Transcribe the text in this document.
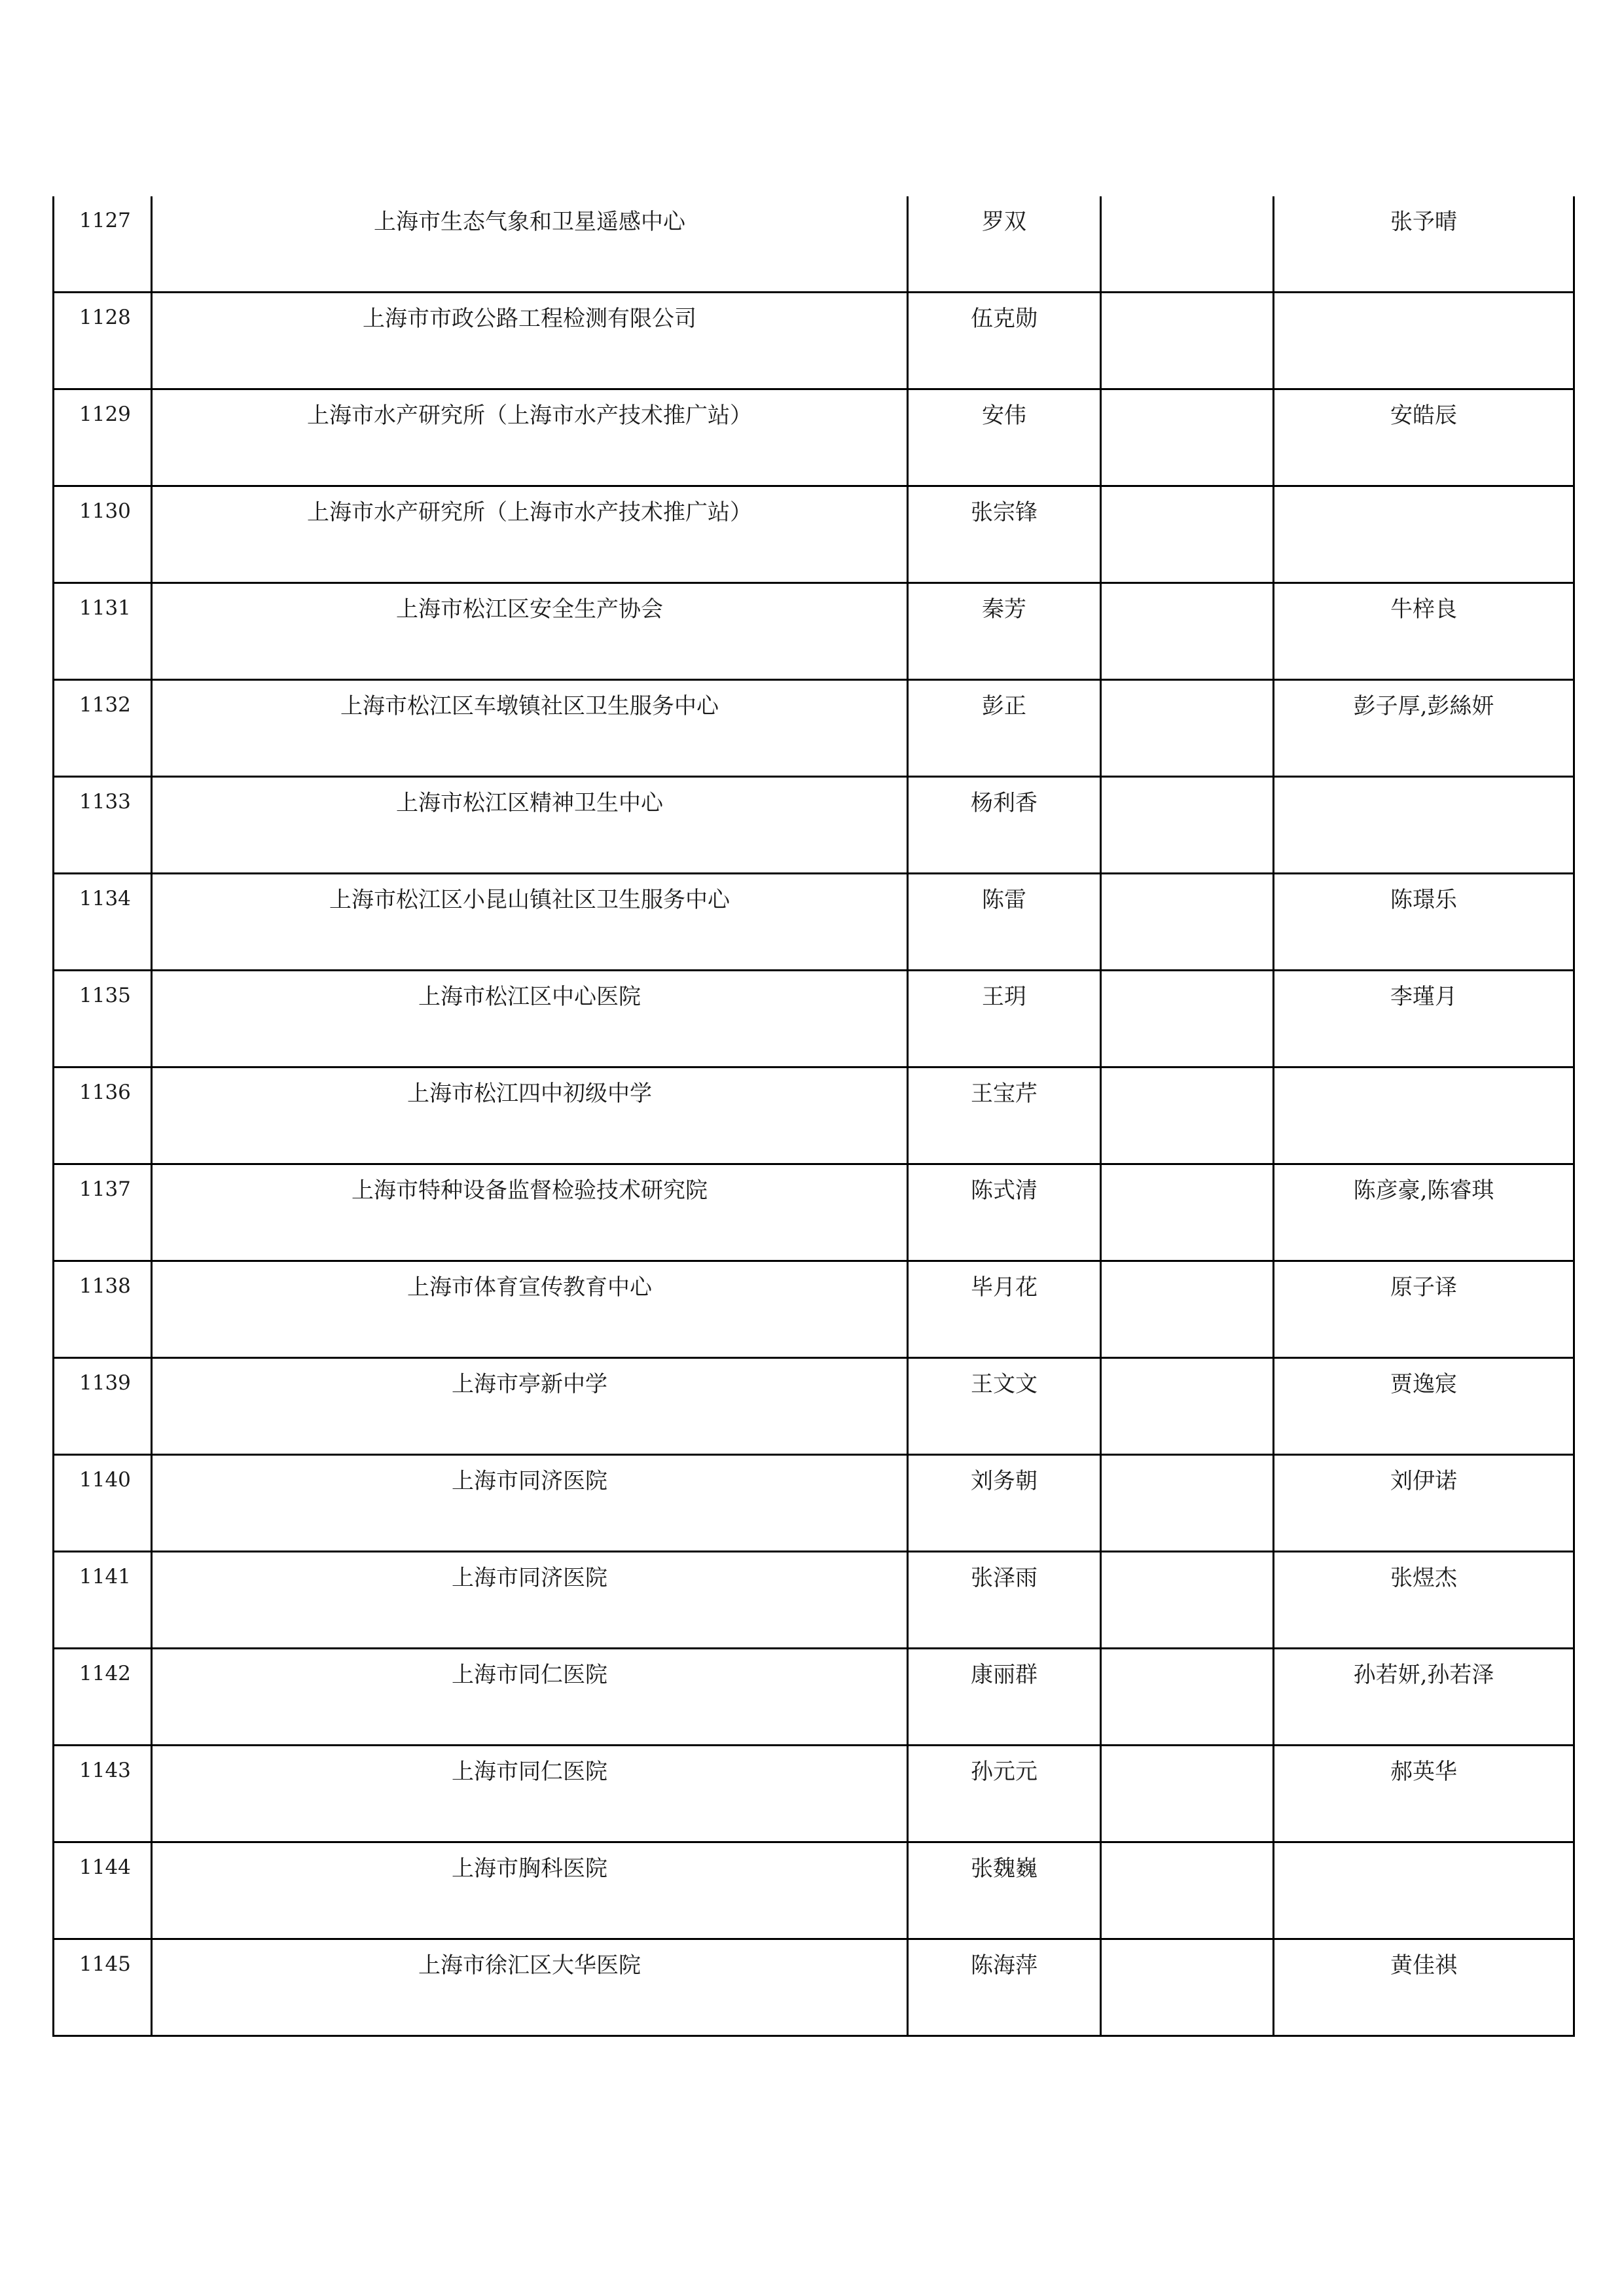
1127	上海市生态气象和卫星遥感中心	罗双		张予晴

1128	上海市市政公路工程检测有限公司	伍克勋		

1129	上海市水产研究所（上海市水产技术推广站）	安伟		安皓辰

1130	上海市水产研究所（上海市水产技术推广站）	张宗锋		

1131	上海市松江区安全生产协会	秦芳		牛梓良

1132	上海市松江区车墩镇社区卫生服务中心	彭正		彭子厚,彭絲妍

1133	上海市松江区精神卫生中心	杨利香		

1134	上海市松江区小昆山镇社区卫生服务中心	陈雷		陈璟乐

1135	上海市松江区中心医院	王玥		李瑾月

1136	上海市松江四中初级中学	王宝芹		

1137	上海市特种设备监督检验技术研究院	陈式清		陈彦豪,陈睿琪

1138	上海市体育宣传教育中心	毕月花		原子译

1139	上海市亭新中学	王文文		贾逸宸

1140	上海市同济医院	刘务朝		刘伊诺

1141	上海市同济医院	张泽雨		张煜杰

1142	上海市同仁医院	康丽群		孙若妍,孙若泽

1143	上海市同仁医院	孙元元		郝英华

1144	上海市胸科医院	张魏巍		

1145	上海市徐汇区大华医院	陈海萍		黄佳祺
